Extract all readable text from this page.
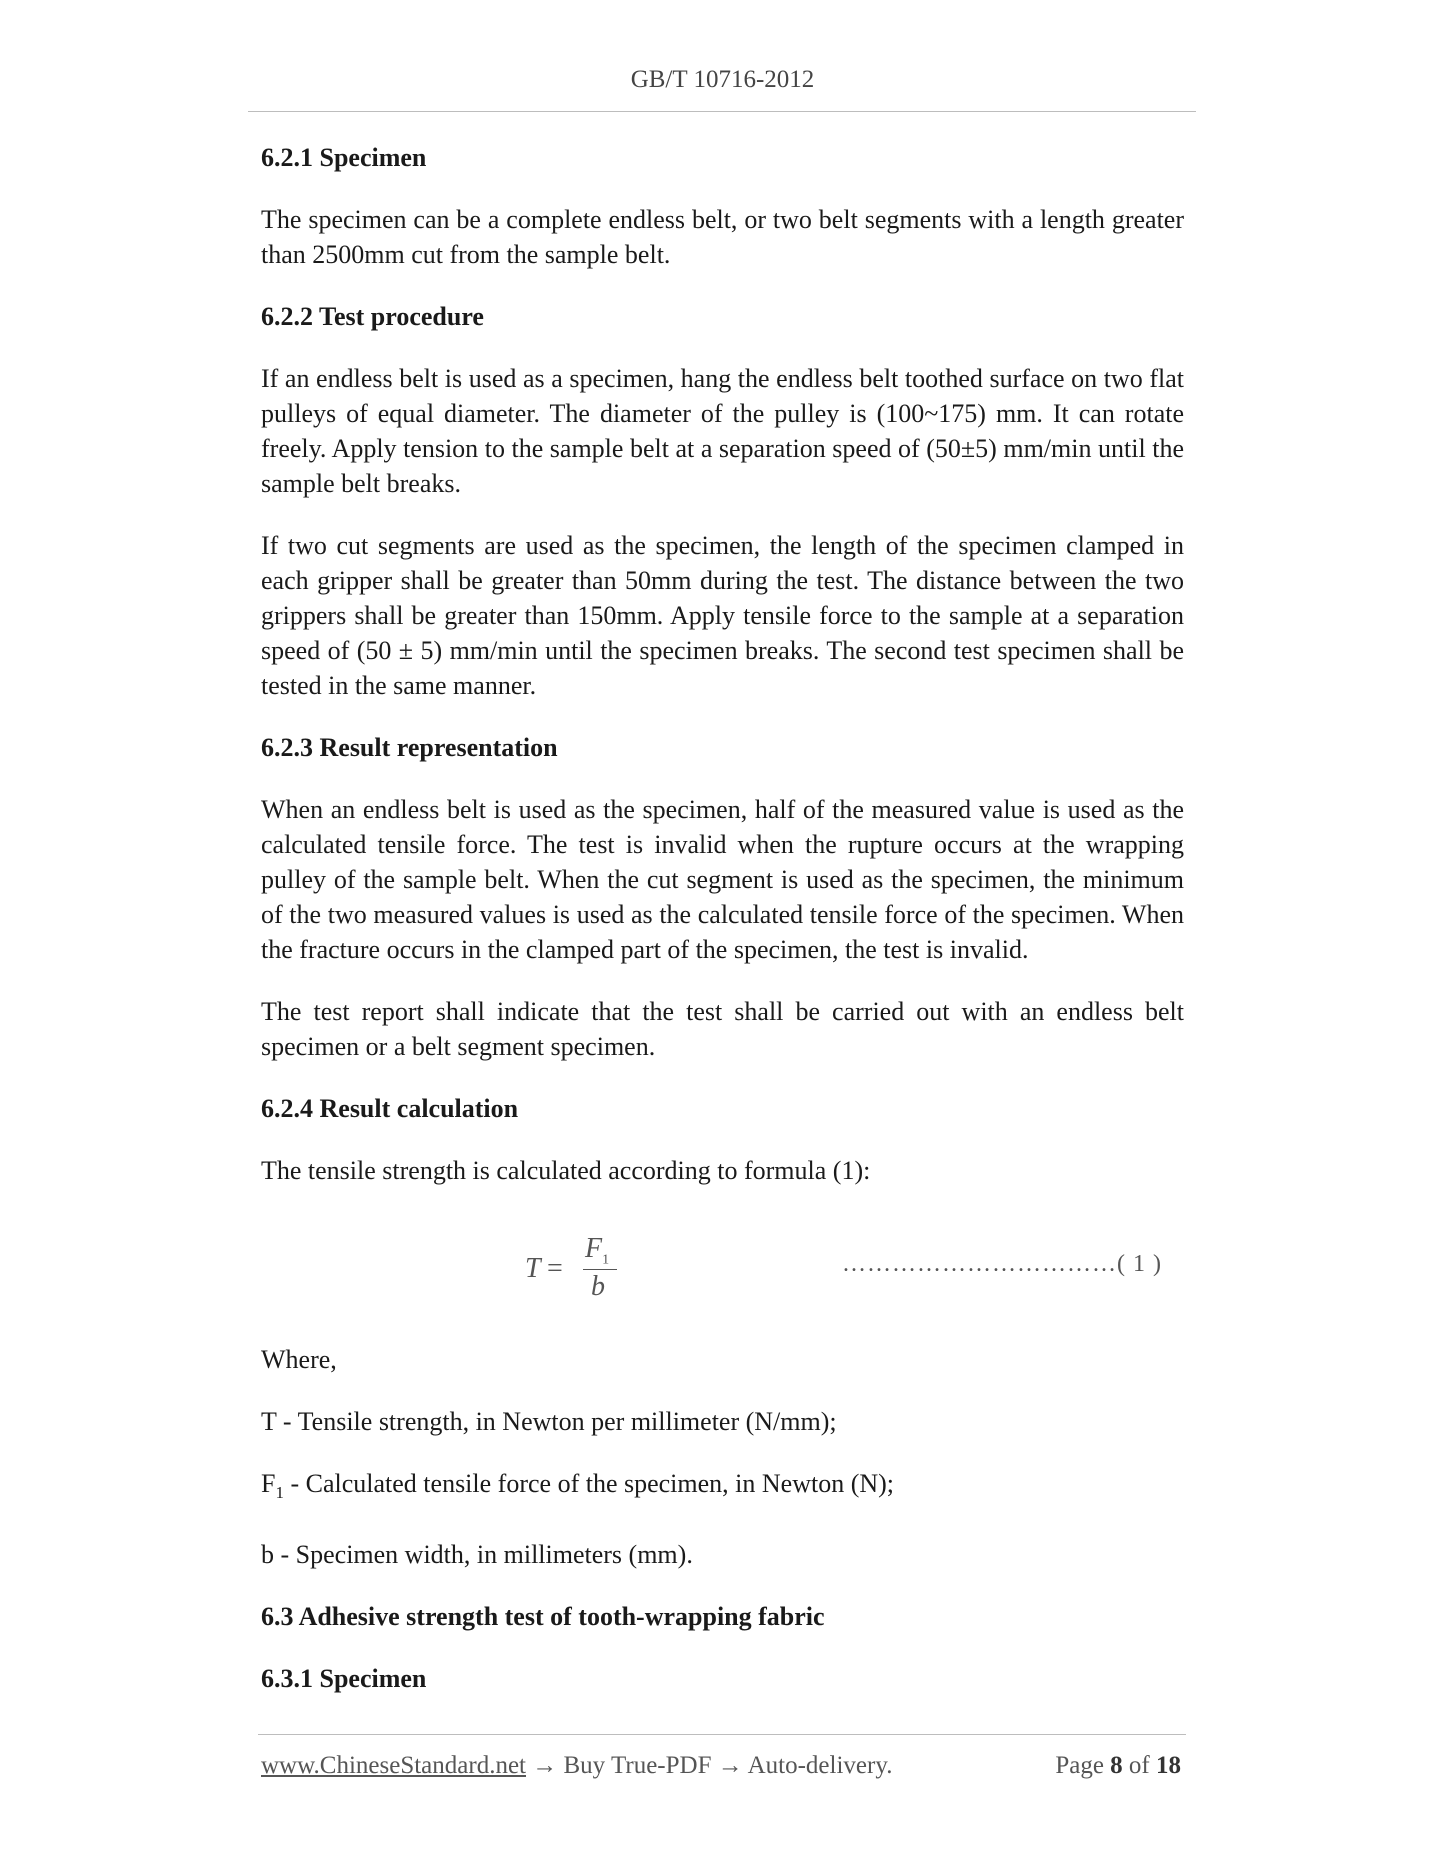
GB/T 10716-2012
6.2.1 Specimen

The specimen can be a complete endless belt, or two belt segments with a length greater than 2500mm cut from the sample belt.

6.2.2 Test procedure

If an endless belt is used as a specimen, hang the endless belt toothed surface on two flat pulleys of equal diameter. The diameter of the pulley is (100~175) mm. It can rotate freely. Apply tension to the sample belt at a separation speed of (50±5) mm/min until the sample belt breaks.

If two cut segments are used as the specimen, the length of the specimen clamped in each gripper shall be greater than 50mm during the test. The distance between the two grippers shall be greater than 150mm. Apply tensile force to the sample at a separation speed of (50 ± 5) mm/min until the specimen breaks. The second test specimen shall be tested in the same manner.

6.2.3 Result representation

When an endless belt is used as the specimen, half of the measured value is used as the calculated tensile force. The test is invalid when the rupture occurs at the wrapping pulley of the sample belt. When the cut segment is used as the specimen, the minimum of the two measured values is used as the calculated tensile force of the specimen. When the fracture occurs in the clamped part of the specimen, the test is invalid.

The test report shall indicate that the test shall be carried out with an endless belt specimen or a belt segment specimen.

6.2.4 Result calculation

The tensile strength is calculated according to formula (1):

T =
$F_1$
b
……………………………( 1 )

Where,

T - Tensile strength, in Newton per millimeter (N/mm);

$F_1$ - Calculated tensile force of the specimen, in Newton (N);

b - Specimen width, in millimeters (mm).

6.3 Adhesive strength test of tooth-wrapping fabric
6.3.1 Specimen
www.ChineseStandard.net → Buy True-PDF → Auto-delivery.	Page 8 of 18
